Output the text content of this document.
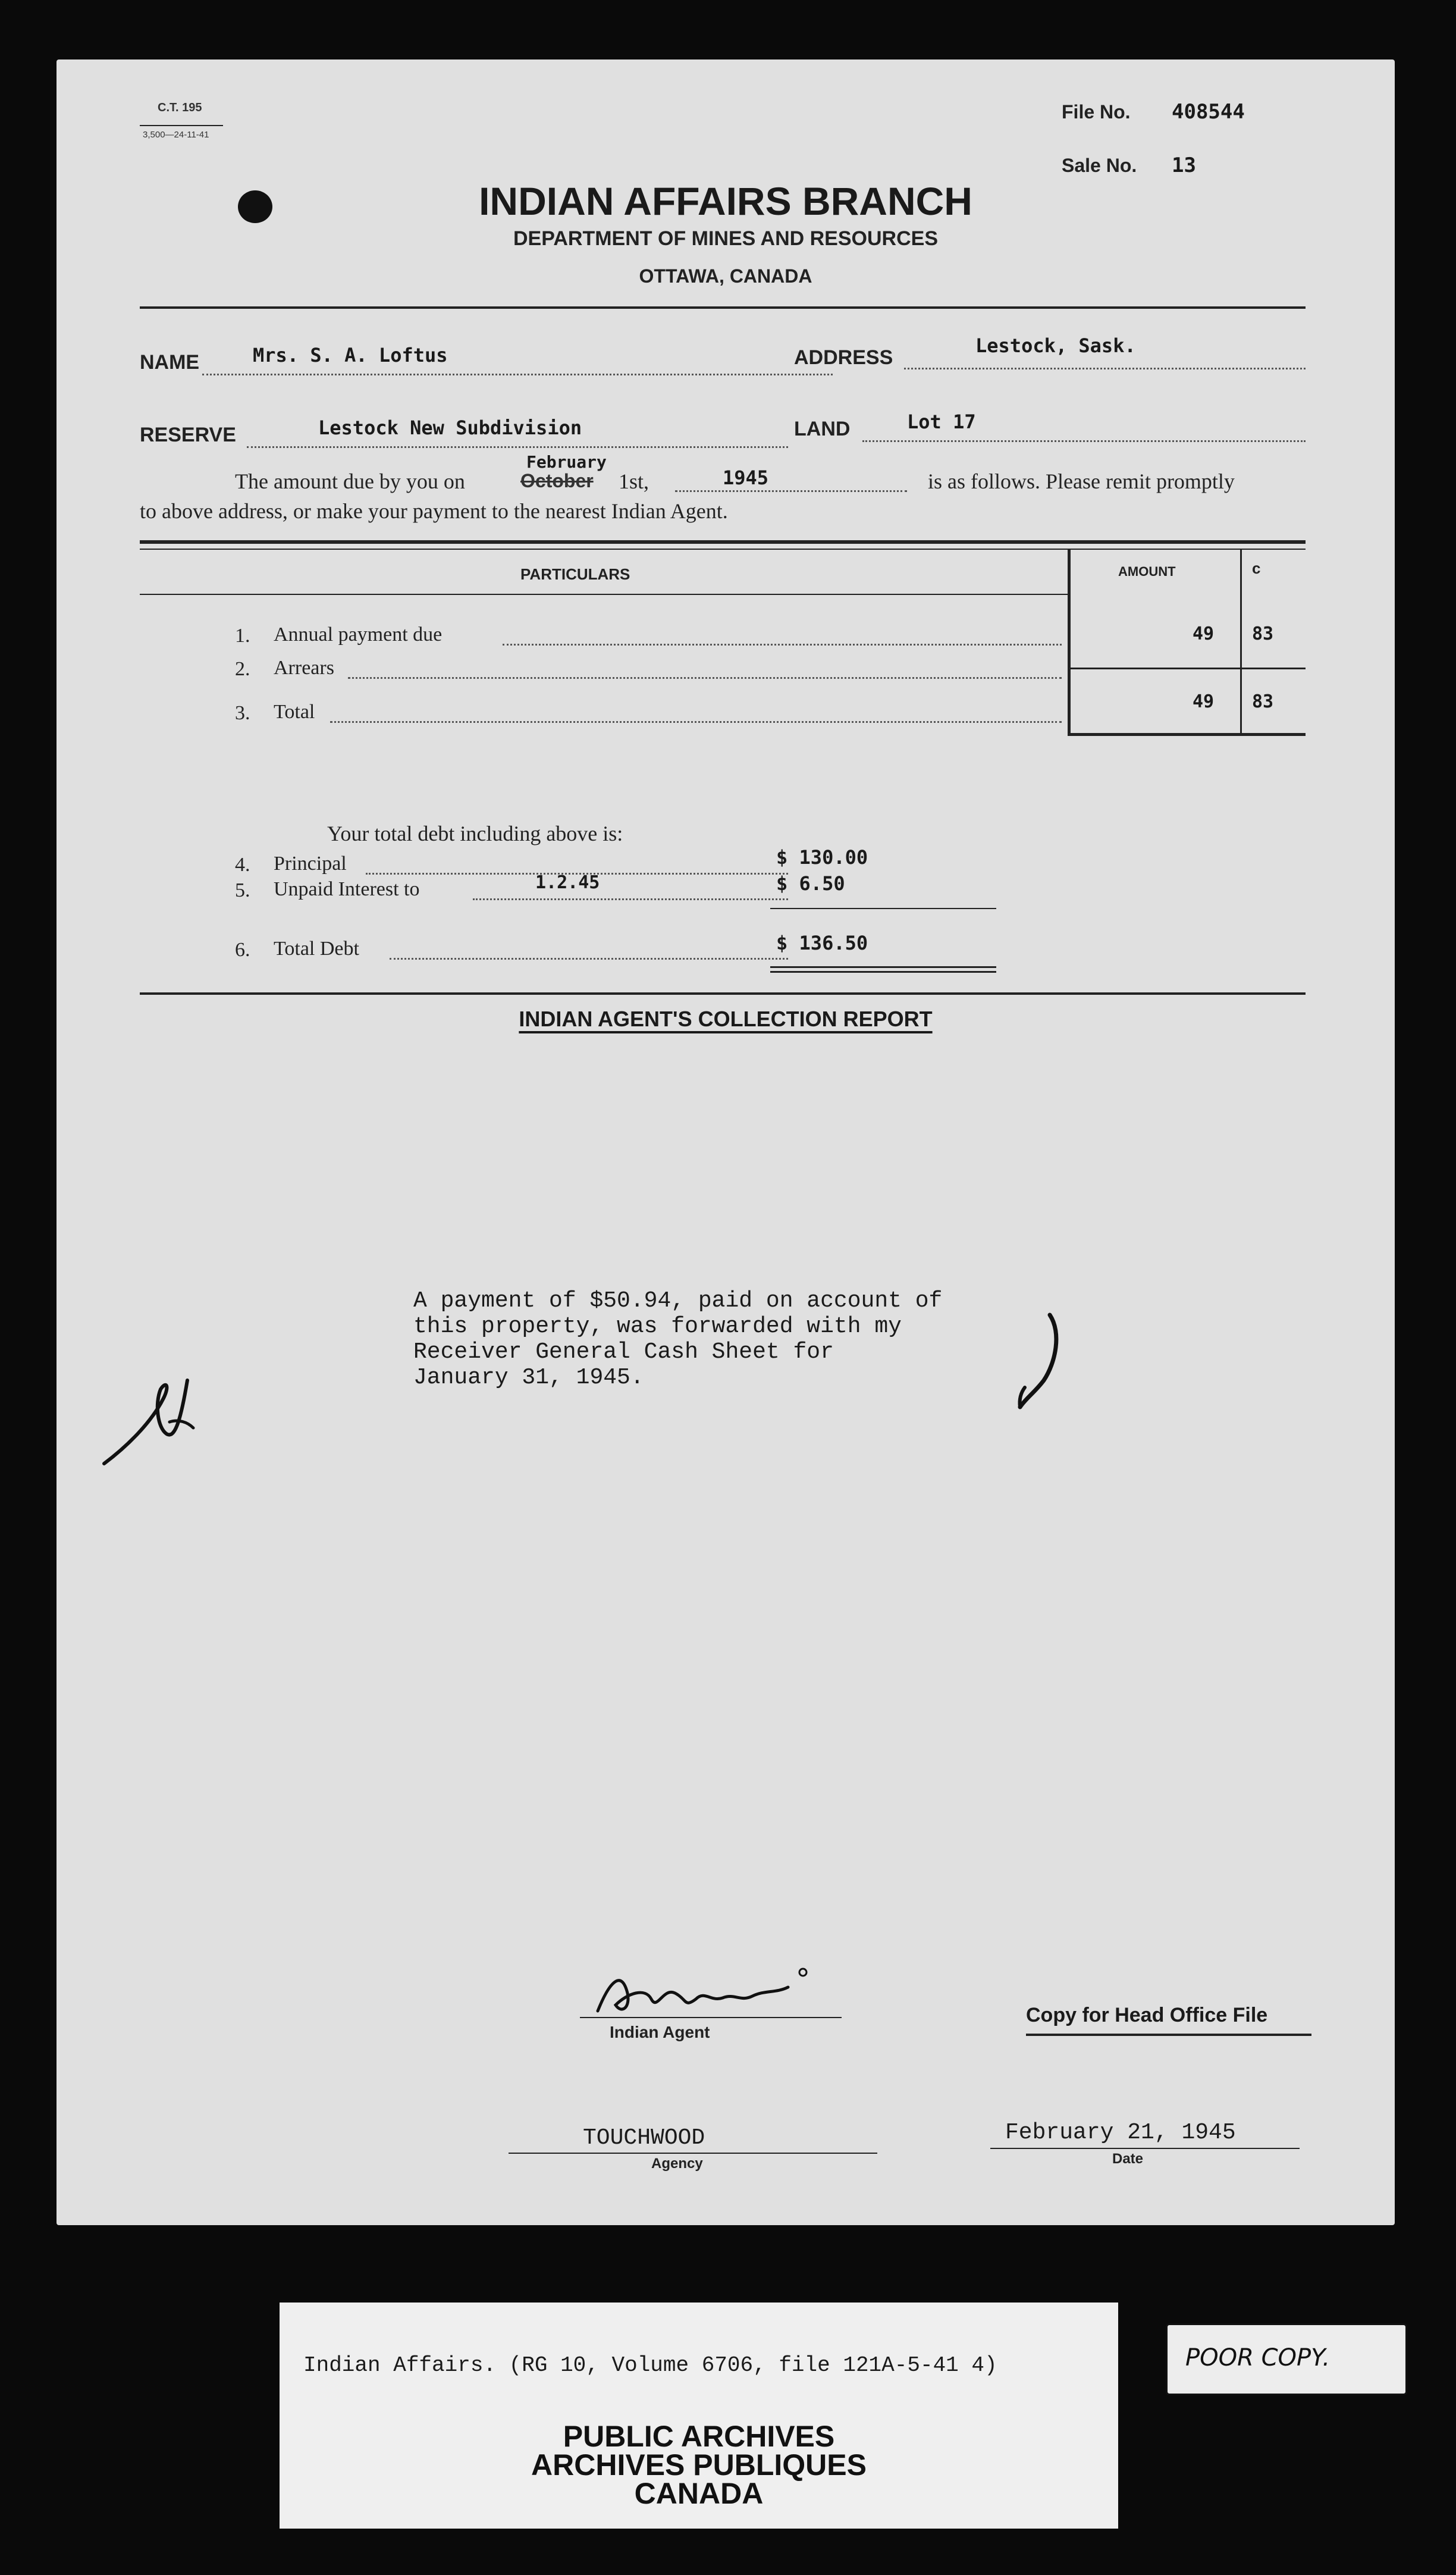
C.T. 195
3,500—24-11-41
File No. 408544
Sale No. 13
INDIAN AFFAIRS BRANCH
DEPARTMENT OF MINES AND RESOURCES
OTTAWA, CANADA
NAME	Mrs. S. A. Loftus	ADDRESS
Lestock, Sask.
RESERVE	Lestock New Subdivision	LAND	Lot 17
February
The amount due by you on	October 1st,	1945	is as follows. Please remit promptly
to above address, or make your payment to the nearest Indian Agent.
PARTICULARS	AMOUNT	c
1. Annual payment due	49 83
2. Arrears
3. Total	49 83
Your total debt including above is:
4. Principal	$ 130.00
5. Unpaid Interest to	1.2.45	$ 6.50
6. Total Debt	$ 136.50
INDIAN AGENT'S COLLECTION REPORT
A payment of $50.94, paid on account of
this property, was forwarded with my
Receiver General Cash Sheet for
January 31, 1945.
Indian Agent
Copy for Head Office File
TOUCHWOOD
Agency
February 21, 1945
Date
Indian Affairs. (RG 10, Volume 6706, file 121A-5-41 4)
PUBLIC ARCHIVES
ARCHIVES PUBLIQUES
CANADA
POOR COPY.
